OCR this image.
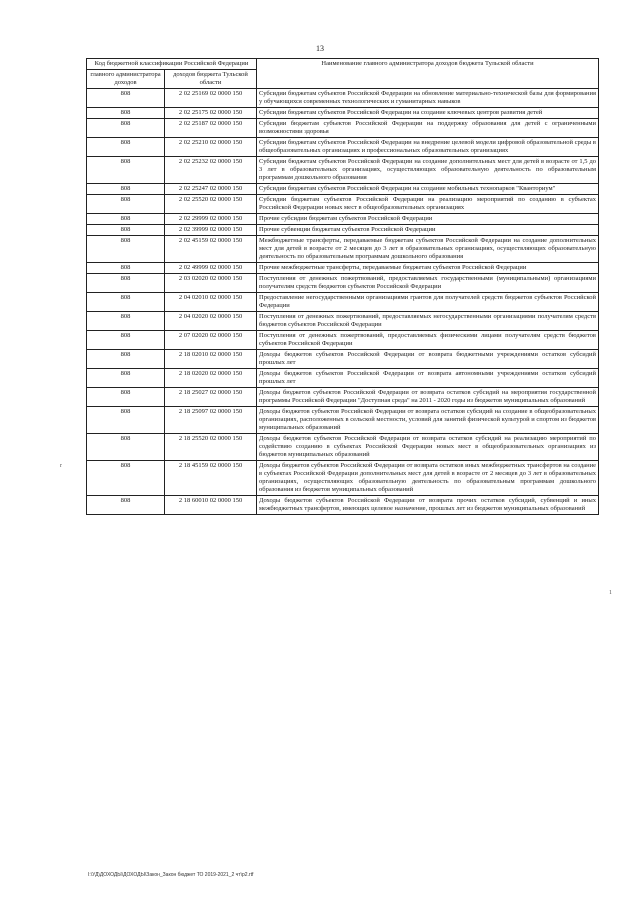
13
Код бюджетной классификации Российской Федерации		Наименование главного администратора доходов бюджета Тульской области
главного администратора доходов	доходов бюджета Тульской области	
808	2 02 25169 02 0000 150	Субсидии бюджетам субъектов Российской Федерации на обновление материально-технической базы для формирования у обучающихся современных технологических и гуманитарных навыков
808	2 02 25175 02 0000 150	Субсидии бюджетам субъектов Российской Федерации на создание ключевых центров развития детей
808	2 02 25187 02 0000 150	Субсидии бюджетам субъектов Российской Федерации на поддержку образования для детей с ограниченными возможностями здоровья
808	2 02 25210 02 0000 150	Субсидии бюджетам субъектов Российской Федерации на внедрение целевой модели цифровой образовательной среды в общеобразовательных организациях и профессиональных образовательных организациях
808	2 02 25232 02 0000 150	Субсидии бюджетам субъектов Российской Федерации на создание дополнительных мест для детей в возрасте от 1,5 до 3 лет в образовательных организациях, осуществляющих образовательную деятельность по образовательным программам дошкольного образования
808	2 02 25247 02 0000 150	Субсидии бюджетам субъектов Российской Федерации на создание мобильных технопарков "Кванториум"
808	2 02 25520 02 0000 150	Субсидии бюджетам субъектов Российской Федерации на реализацию мероприятий по созданию в субъектах Российской Федерации новых мест в общеобразовательных организациях
808	2 02 29999 02 0000 150	Прочие субсидии бюджетам субъектов Российской Федерации
808	2 02 39999 02 0000 150	Прочие субвенции бюджетам субъектов Российской Федерации
808	2 02 45159 02 0000 150	Межбюджетные трансферты, передаваемые бюджетам субъектов Российской Федерации на создание дополнительных мест для детей в возрасте от 2 месяцев до 3 лет в образовательных организациях, осуществляющих образовательную деятельность по образовательным программам дошкольного образования
808	2 02 49999 02 0000 150	Прочие межбюджетные трансферты, передаваемые бюджетам субъектов Российской Федерации
808	2 03 02020 02 0000 150	Поступления от денежных пожертвований, предоставляемых государственными (муниципальными) организациями получателям средств бюджетов субъектов Российской Федерации
808	2 04 02010 02 0000 150	Предоставление негосударственными организациями грантов для получателей средств бюджетов субъектов Российской Федерации
808	2 04 02020 02 0000 150	Поступления от денежных пожертвований, предоставляемых негосударственными организациями получателям средств бюджетов субъектов Российской Федерации
808	2 07 02020 02 0000 150	Поступления от денежных пожертвований, предоставляемых физическими лицами получателям средств бюджетов субъектов Российской Федерации
808	2 18 02010 02 0000 150	Доходы бюджетов субъектов Российской Федерации от возврата бюджетными учреждениями остатков субсидий прошлых лет
808	2 18 02020 02 0000 150	Доходы бюджетов субъектов Российской Федерации от возврата автономными учреждениями остатков субсидий прошлых лет
808	2 18 25027 02 0000 150	Доходы бюджетов субъектов Российской Федерации от возврата остатков субсидий на мероприятия государственной программы Российской Федерации "Доступная среда" на 2011 - 2020 годы из бюджетов муниципальных образований
808	2 18 25097 02 0000 150	Доходы бюджетов субъектов Российской Федерации от возврата остатков субсидий на создание в общеобразовательных организациях, расположенных в сельской местности, условий для занятий физической культурой и спортом из бюджетов муниципальных образований
808	2 18 25520 02 0000 150	Доходы бюджетов субъектов Российской Федерации от возврата остатков субсидий на реализацию мероприятий по содействию созданию в субъектах Российской Федерации новых мест в общеобразовательных организациях из бюджетов муниципальных образований
808	2 18 45159 02 0000 150	Доходы бюджетов субъектов Российской Федерации от возврата остатков иных межбюджетных трансфертов на создание в субъектах Российской Федерации дополнительных мест для детей в возрасте от 2 месяцев до 3 лет в образовательных организациях, осуществляющих образовательную деятельность по образовательным программам дошкольного образования из бюджетов муниципальных образований
808	2 18 60010 02 0000 150	Доходы бюджетов субъектов Российской Федерации от возврата прочих остатков субсидий, субвенций и иных межбюджетных трансфертов, имеющих целевое назначение, прошлых лет из бюджетов муниципальных образований
r
1
I:\УД\ДОХОДЫ\ДОХОДЫ\Закон_Закон бюджет ТО 2019-2021_2 чт\р2.rtf
